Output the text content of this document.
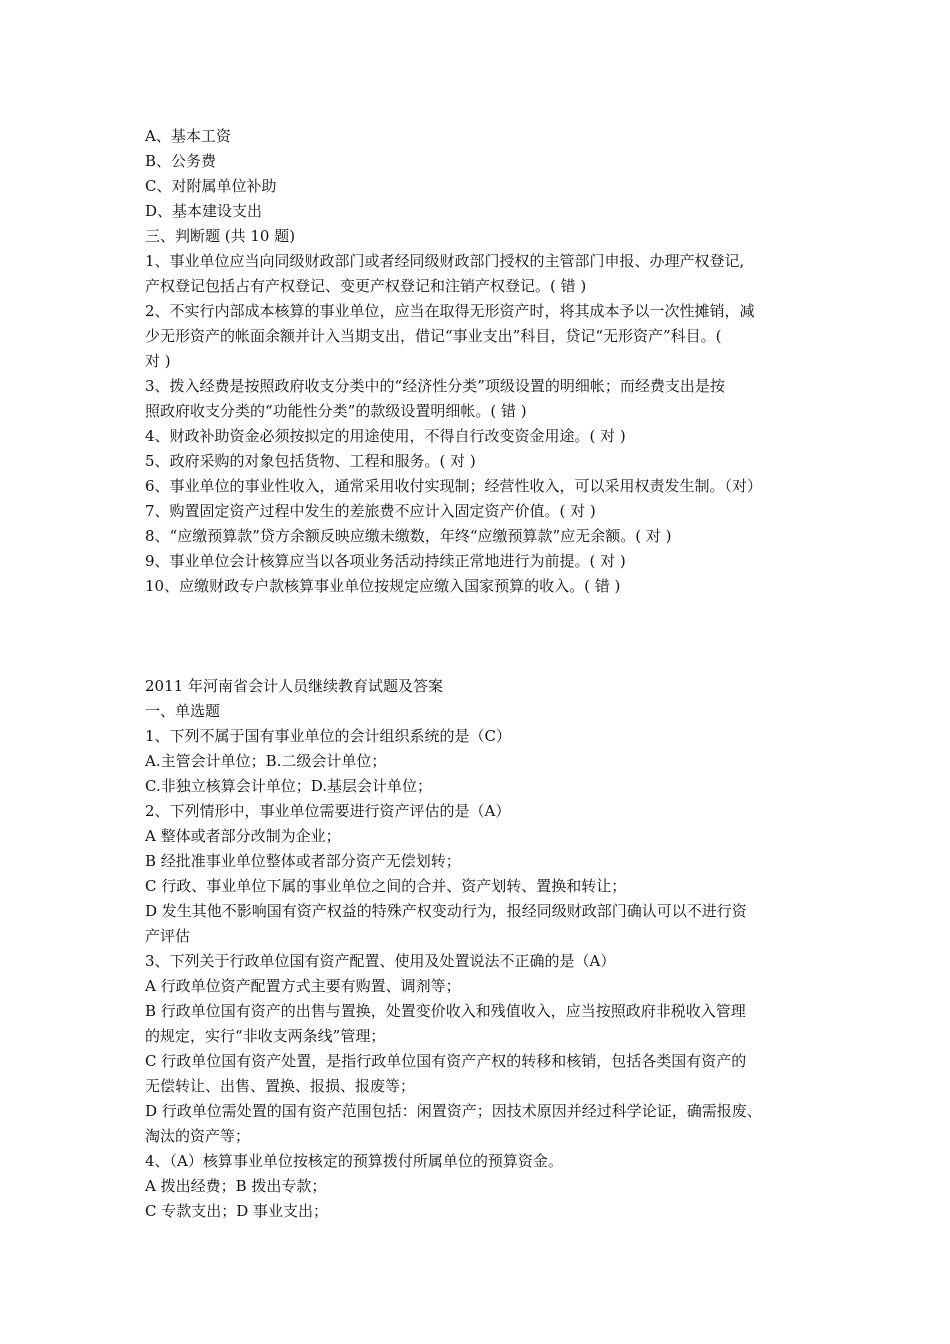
A、基本工资

B、公务费

C、对附属单位补助

D、基本建设支出

三、判断题 (共 10 题)

1、事业单位应当向同级财政部门或者经同级财政部门授权的主管部门申报、办理产权登记,

产权登记包括占有产权登记、变更产权登记和注销产权登记。( 错 )

2、不实行内部成本核算的事业单位，应当在取得无形资产时，将其成本予以一次性摊销，减

少无形资产的帐面余额并计入当期支出，借记“事业支出”科目，贷记“无形资产”科目。(

对 )

3、拨入经费是按照政府收支分类中的“经济性分类”项级设置的明细帐；而经费支出是按

照政府收支分类的“功能性分类”的款级设置明细帐。( 错 )

4、财政补助资金必须按拟定的用途使用，不得自行改变资金用途。( 对 )

5、政府采购的对象包括货物、工程和服务。( 对 )

6、事业单位的事业性收入，通常采用收付实现制；经营性收入，可以采用权责发生制。（对）

7、购置固定资产过程中发生的差旅费不应计入固定资产价值。( 对 )

8、“应缴预算款”贷方余额反映应缴未缴数，年终“应缴预算款”应无余额。( 对 )

9、事业单位会计核算应当以各项业务活动持续正常地进行为前提。( 对 )

10、应缴财政专户款核算事业单位按规定应缴入国家预算的收入。( 错 )

2011 年河南省会计人员继续教育试题及答案

一、单选题

1、下列不属于国有事业单位的会计组织系统的是（C）

A.主管会计单位；B.二级会计单位；

C.非独立核算会计单位；D.基层会计单位；

2、下列情形中，事业单位需要进行资产评估的是（A）

A 整体或者部分改制为企业；

B 经批准事业单位整体或者部分资产无偿划转；

C 行政、事业单位下属的事业单位之间的合并、资产划转、置换和转让；

D 发生其他不影响国有资产权益的特殊产权变动行为，报经同级财政部门确认可以不进行资

产评估

3、下列关于行政单位国有资产配置、使用及处置说法不正确的是（A）

A 行政单位资产配置方式主要有购置、调剂等；

B 行政单位国有资产的出售与置换，处置变价收入和残值收入，应当按照政府非税收入管理

的规定，实行“非收支两条线”管理；

C 行政单位国有资产处置，是指行政单位国有资产产权的转移和核销，包括各类国有资产的

无偿转让、出售、置换、报损、报废等；

D 行政单位需处置的国有资产范围包括：闲置资产；因技术原因并经过科学论证，确需报废、

淘汰的资产等；

4、（A）核算事业单位按核定的预算拨付所属单位的预算资金。

A 拨出经费；B 拨出专款；

C 专款支出；D 事业支出；
